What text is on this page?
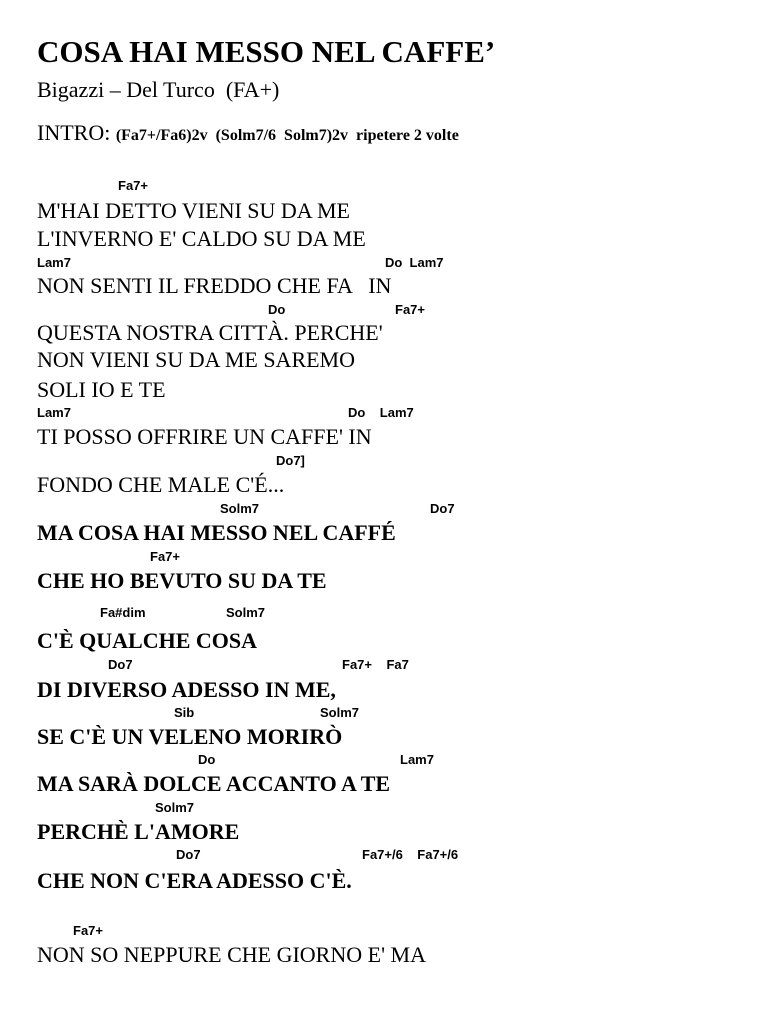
COSA HAI MESSO NEL CAFFE’
Bigazzi – Del Turco  (FA+)
INTRO: (Fa7+/Fa6)2v  (Solm7/6  Solm7)2v  ripetere 2 volte
Fa7+
M'HAI DETTO VIENI SU DA ME
L'INVERNO E' CALDO SU DA ME
Lam7	Do  Lam7
NON SENTI IL FREDDO CHE FA   IN
Do	Fa7+
QUESTA NOSTRA CITTÀ. PERCHE'
NON VIENI SU DA ME SAREMO
SOLI IO E TE
Lam7	Do    Lam7
TI POSSO OFFRIRE UN CAFFE' IN
Do7]
FONDO CHE MALE C'É...
Solm7	Do7
MA COSA HAI MESSO NEL CAFFÉ
Fa7+
CHE HO BEVUTO SU DA TE
Fa#dim	Solm7
C'È QUALCHE COSA
Do7	Fa7+    Fa7
DI DIVERSO ADESSO IN ME,
Sib	Solm7
SE C'È UN VELENO MORIRÒ
Do	Lam7
MA SARÀ DOLCE ACCANTO A TE
Solm7
PERCHÈ L'AMORE
Do7	Fa7+/6    Fa7+/6
CHE NON C'ERA ADESSO C'È.
Fa7+
NON SO NEPPURE CHE GIORNO E' MA
